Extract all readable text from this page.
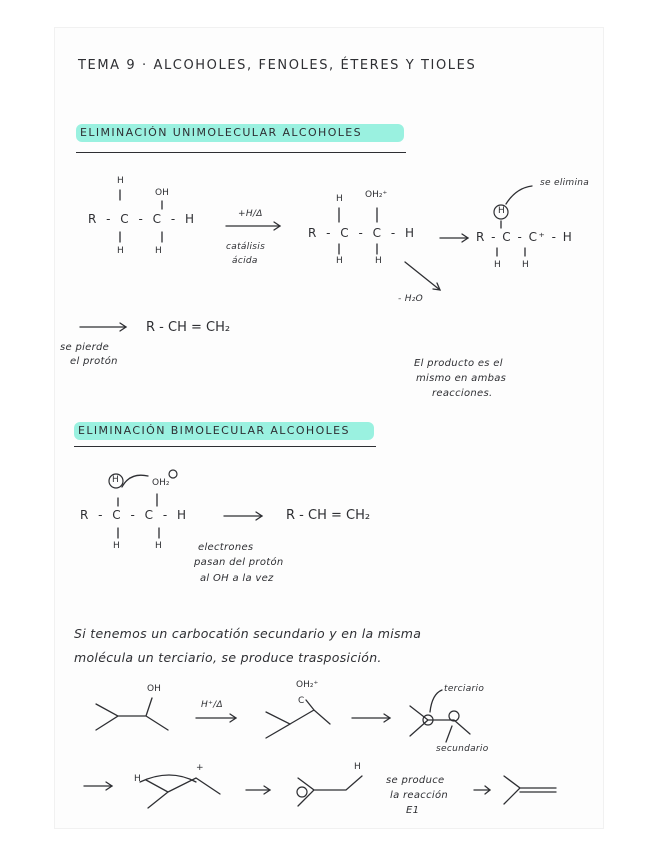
TEMA 9 · ALCOHOLES, FENOLES, ÉTERES Y TIOLES
ELIMINACIÓN UNIMOLECULAR ALCOHOLES
H
OH
R - C - C - H
H	H
+H/Δ
catálisis
ácida
H OH₂⁺
R - C - C - H
H	H
- H₂O
H
se elimina
R - C - C⁺ - H
H H
R - CH = CH₂
se pierde
el protón	El producto es el
mismo en ambas
reacciones.
ELIMINACIÓN BIMOLECULAR ALCOHOLES
H	OH₂
R - C - C - H
H	H
R - CH = CH₂
electrones
pasan del protón
al OH a la vez
Si tenemos un carbocatión secundario y en la misma
molécula un terciario, se produce trasposición.
OH
H⁺/Δ
OH₂⁺
C
terciario
secundario
H
+	H
se produce
la reacción
E1
